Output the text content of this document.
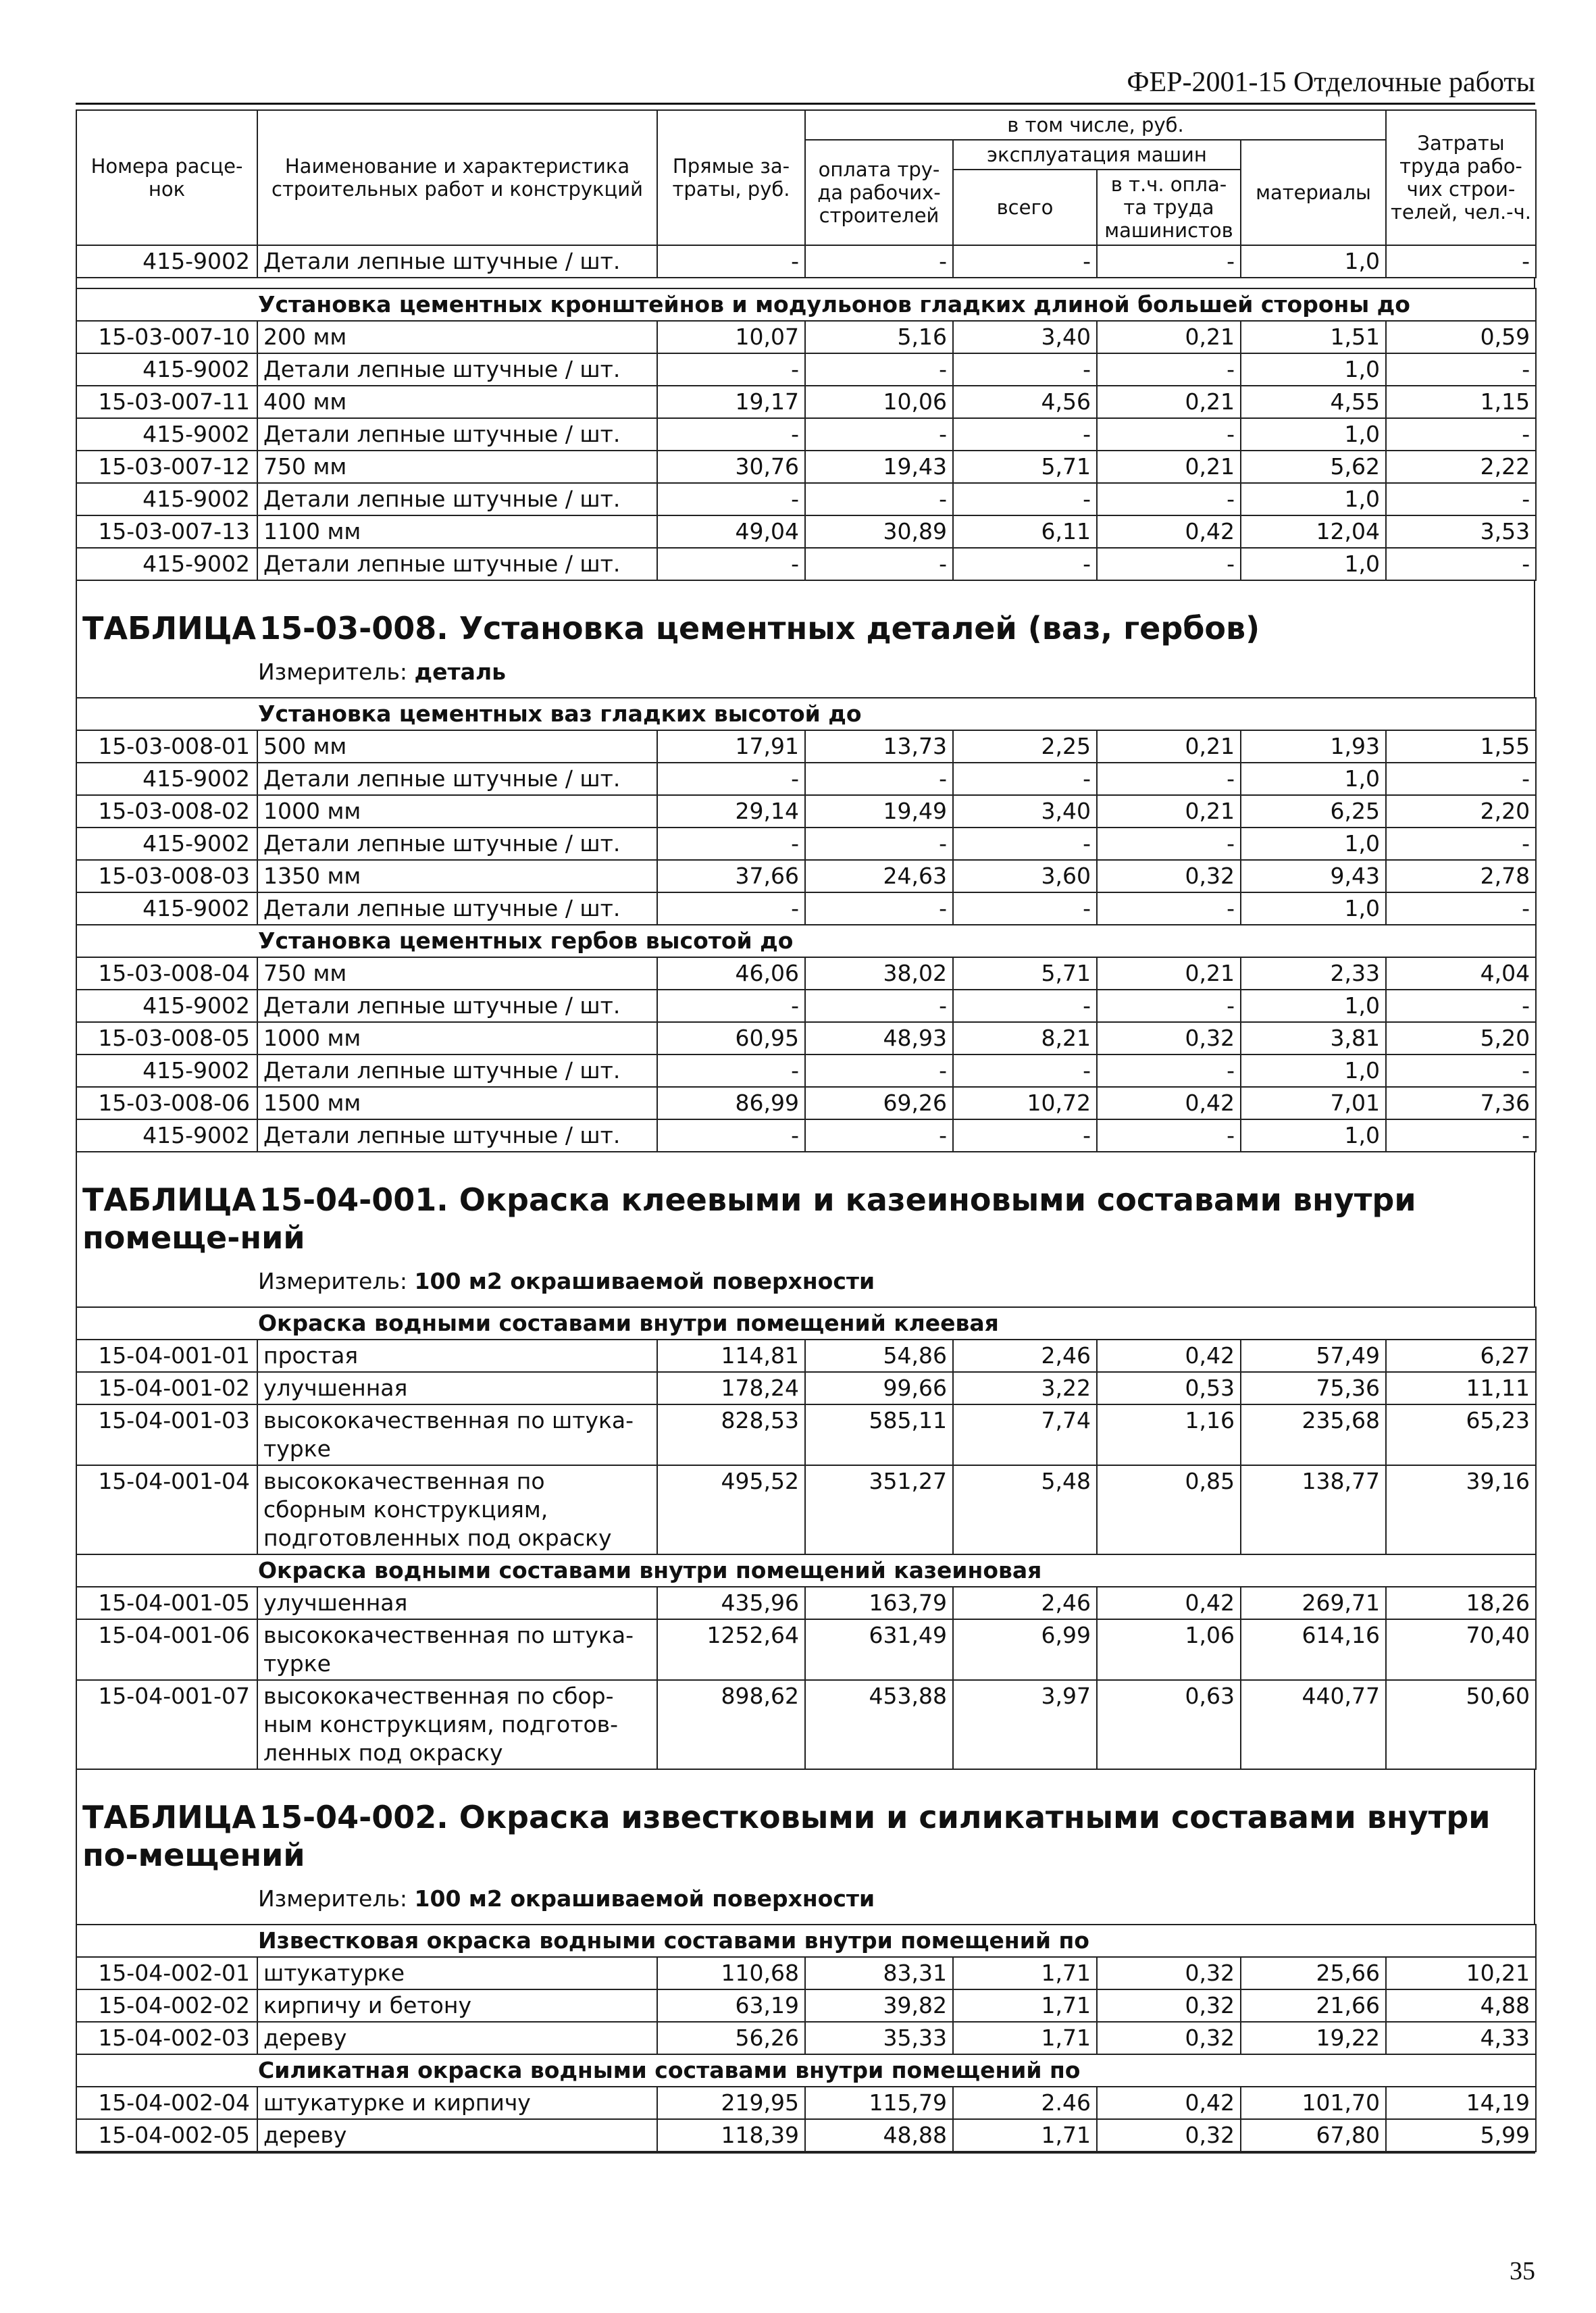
ФЕР-2001-15 Отделочные работы
Номера расце-нок	Наименование и характеристика строительных работ и конструкций	Прямые за-траты, руб.	в том числе, руб.				Затраты труда рабо-чих строи-телей, чел.-ч.
			оплата тру-да рабочих-строителей	эксплуатация машин		материалы	
				всего	в т.ч. опла-та труда машинистов		
415-9002	Детали лепные штучные / шт.	-	-	-	-	1,0	-
Установка цементных кронштейнов и модульонов гладких длиной большей стороны до							
15-03-007-10	200 мм	10,07	5,16	3,40	0,21	1,51	0,59
415-9002	Детали лепные штучные / шт.	-	-	-	-	1,0	-
15-03-007-11	400 мм	19,17	10,06	4,56	0,21	4,55	1,15
415-9002	Детали лепные штучные / шт.	-	-	-	-	1,0	-
15-03-007-12	750 мм	30,76	19,43	5,71	0,21	5,62	2,22
415-9002	Детали лепные штучные / шт.	-	-	-	-	1,0	-
15-03-007-13	1100 мм	49,04	30,89	6,11	0,42	12,04	3,53
415-9002	Детали лепные штучные / шт.	-	-	-	-	1,0	-
ТАБЛИЦА 15-03-008. Установка цементных деталей (ваз, гербов)
Измеритель: деталь
Установка цементных ваз гладких высотой до							
15-03-008-01	500 мм	17,91	13,73	2,25	0,21	1,93	1,55
415-9002	Детали лепные штучные / шт.	-	-	-	-	1,0	-
15-03-008-02	1000 мм	29,14	19,49	3,40	0,21	6,25	2,20
415-9002	Детали лепные штучные / шт.	-	-	-	-	1,0	-
15-03-008-03	1350 мм	37,66	24,63	3,60	0,32	9,43	2,78
415-9002	Детали лепные штучные / шт.	-	-	-	-	1,0	-
Установка цементных гербов высотой до							
15-03-008-04	750 мм	46,06	38,02	5,71	0,21	2,33	4,04
415-9002	Детали лепные штучные / шт.	-	-	-	-	1,0	-
15-03-008-05	1000 мм	60,95	48,93	8,21	0,32	3,81	5,20
415-9002	Детали лепные штучные / шт.	-	-	-	-	1,0	-
15-03-008-06	1500 мм	86,99	69,26	10,72	0,42	7,01	7,36
415-9002	Детали лепные штучные / шт.	-	-	-	-	1,0	-
ТАБЛИЦА 15-04-001. Окраска клеевыми и казеиновыми составами внутри помеще-ний
Измеритель: 100 м2 окрашиваемой поверхности
Окраска водными составами внутри помещений клеевая							
15-04-001-01	простая	114,81	54,86	2,46	0,42	57,49	6,27
15-04-001-02	улучшенная	178,24	99,66	3,22	0,53	75,36	11,11
15-04-001-03	высококачественная по штука-турке	828,53	585,11	7,74	1,16	235,68	65,23
15-04-001-04	высококачественная по сборным конструкциям, подготовленных под окраску	495,52	351,27	5,48	0,85	138,77	39,16
Окраска водными составами внутри помещений казеиновая							
15-04-001-05	улучшенная	435,96	163,79	2,46	0,42	269,71	18,26
15-04-001-06	высококачественная по штука-турке	1252,64	631,49	6,99	1,06	614,16	70,40
15-04-001-07	высококачественная по сбор-ным конструкциям, подготов-ленных под окраску	898,62	453,88	3,97	0,63	440,77	50,60
ТАБЛИЦА 15-04-002. Окраска известковыми и силикатными составами внутри по-мещений
Измеритель: 100 м2 окрашиваемой поверхности
Известковая окраска водными составами внутри помещений по							
15-04-002-01	штукатурке	110,68	83,31	1,71	0,32	25,66	10,21
15-04-002-02	кирпичу и бетону	63,19	39,82	1,71	0,32	21,66	4,88
15-04-002-03	дереву	56,26	35,33	1,71	0,32	19,22	4,33
Силикатная окраска водными составами внутри помещений по							
15-04-002-04	штукатурке и кирпичу	219,95	115,79	2.46	0,42	101,70	14,19
15-04-002-05	дереву	118,39	48,88	1,71	0,32	67,80	5,99
35
